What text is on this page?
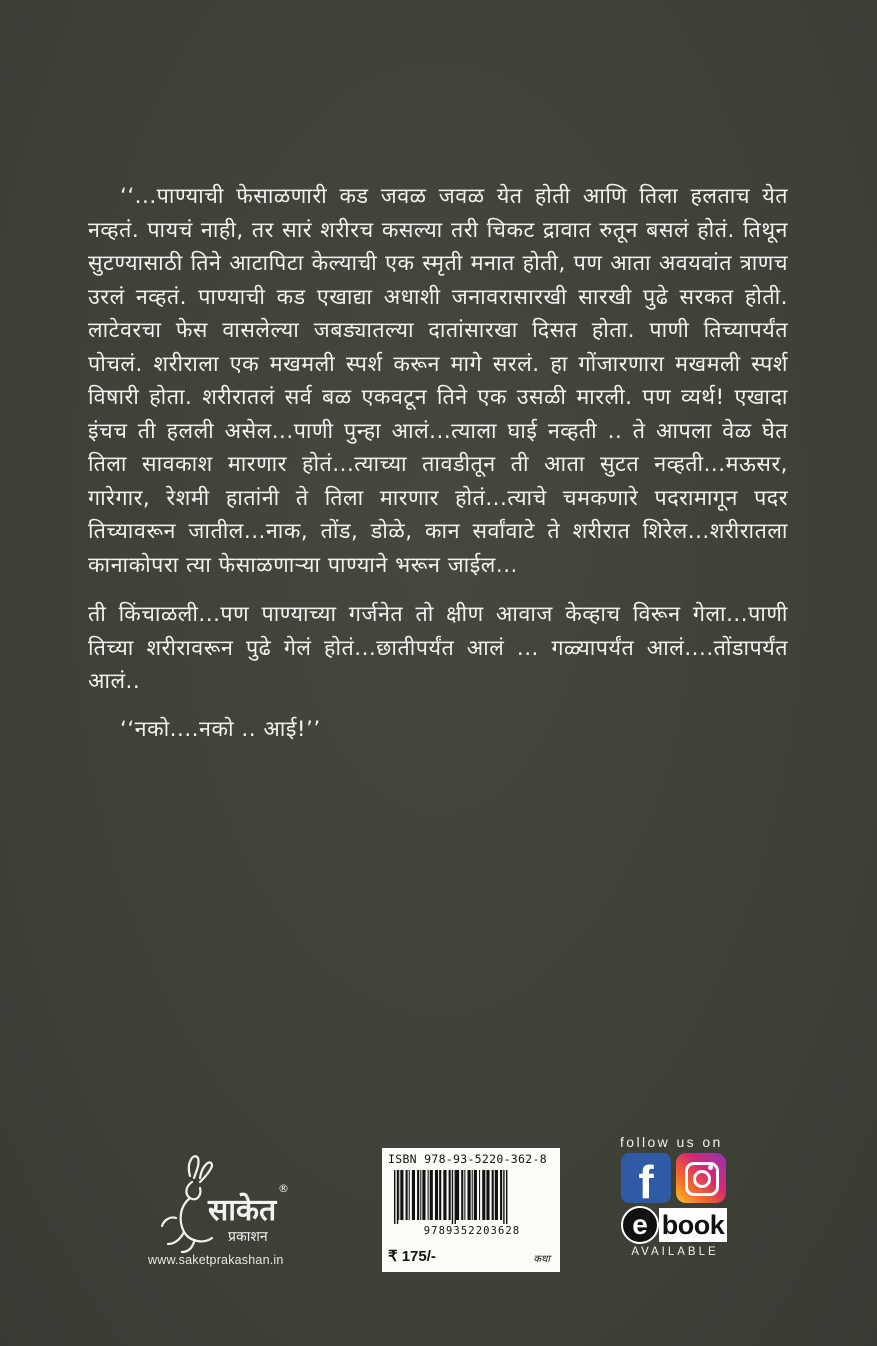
‘‘...पाण्याची फेसाळणारी कड जवळ जवळ येत होती आणि तिला हलताच येत नव्हतं. पायचं नाही, तर सारं शरीरच कसल्या तरी चिकट द्रावात रुतून बसलं होतं. तिथून सुटण्यासाठी तिने आटापिटा केल्याची एक स्मृती मनात होती, पण आता अवयवांत त्राणच उरलं नव्हतं. पाण्याची कड एखाद्या अधाशी जनावरासारखी सारखी पुढे सरकत होती. लाटेवरचा फेस वासलेल्या जबड्यातल्या दातांसारखा दिसत होता. पाणी तिच्यापर्यंत पोचलं. शरीराला एक मखमली स्पर्श करून मागे सरलं. हा गोंजारणारा मखमली स्पर्श विषारी होता. शरीरातलं सर्व बळ एकवटून तिने एक उसळी मारली. पण व्यर्थ! एखादा इंचच ती हलली असेल...पाणी पुन्हा आलं...त्याला घाई नव्हती .. ते आपला वेळ घेत तिला सावकाश मारणार होतं...त्याच्या तावडीतून ती आता सुटत नव्हती...मऊसर, गारेगार, रेशमी हातांनी ते तिला मारणार होतं...त्याचे चमकणारे पदरामागून पदर तिच्यावरून जातील...नाक, तोंड, डोळे, कान सर्वांवाटे ते शरीरात शिरेल...शरीरातला कानाकोपरा त्या फेसाळणाऱ्या पाण्याने भरून जाईल...

ती किंचाळली...पण पाण्याच्या गर्जनेत तो क्षीण आवाज केव्हाच विरून गेला...पाणी तिच्या शरीरावरून पुढे गेलं होतं...छातीपर्यंत आलं ... गळ्यापर्यंत आलं....तोंडापर्यंत आलं..

‘‘नको....नको .. आई!’’

साकेत
प्रकाशन
®
www.saketprakashan.in
ISBN 978-93-5220-362-8
9789352203628
₹ 175/-	कथा
follow us on
f
e book
AVAILABLE
